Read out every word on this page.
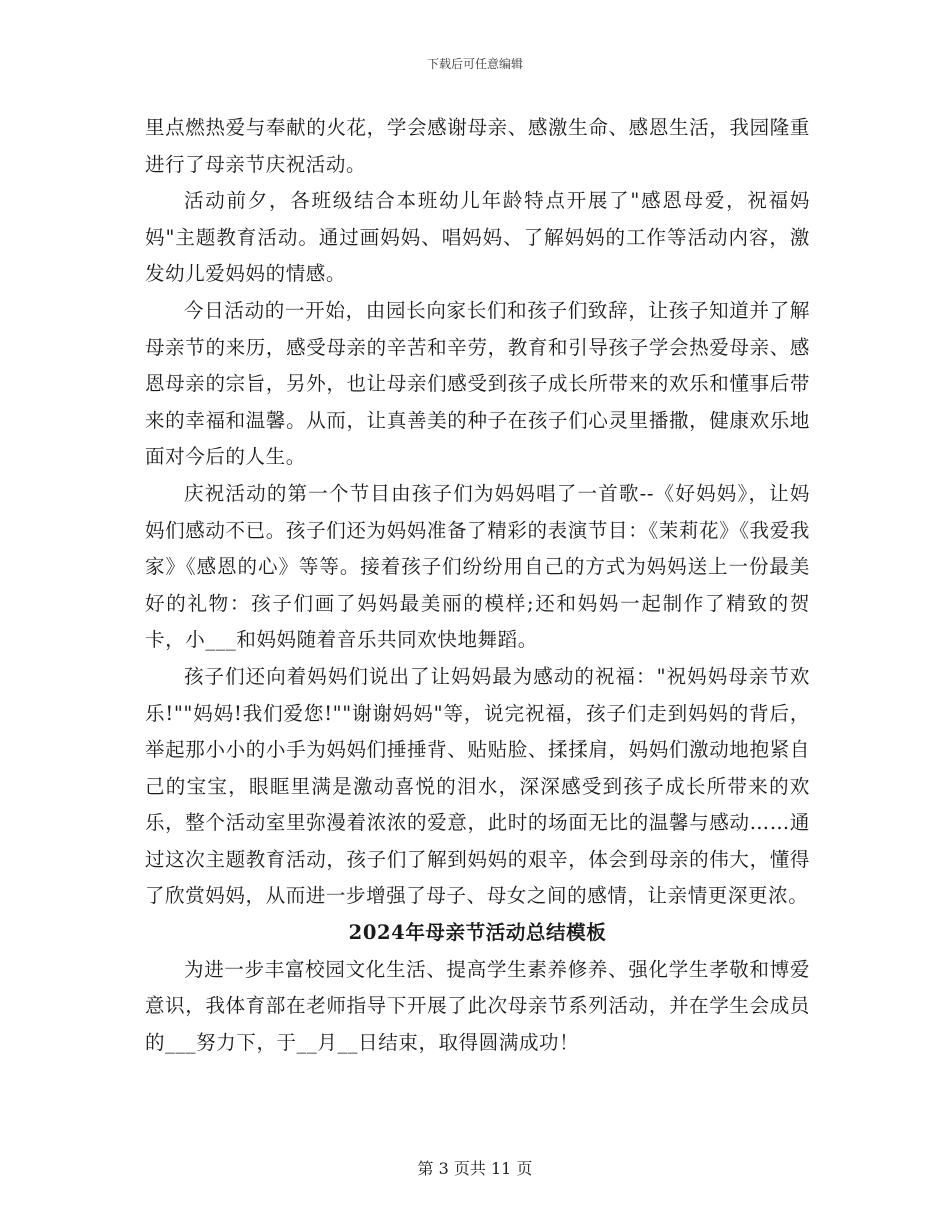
下载后可任意编辑

里点燃热爱与奉献的火花，学会感谢母亲、感激生命、感恩生活，我园隆重进行了母亲节庆祝活动。

活动前夕，各班级结合本班幼儿年龄特点开展了"感恩母爱，祝福妈妈"主题教育活动。通过画妈妈、唱妈妈、了解妈妈的工作等活动内容，激发幼儿爱妈妈的情感。

今日活动的一开始，由园长向家长们和孩子们致辞，让孩子知道并了解母亲节的来历，感受母亲的辛苦和辛劳，教育和引导孩子学会热爱母亲、感恩母亲的宗旨，另外，也让母亲们感受到孩子成长所带来的欢乐和懂事后带来的幸福和温馨。从而，让真善美的种子在孩子们心灵里播撒，健康欢乐地面对今后的人生。

庆祝活动的第一个节目由孩子们为妈妈唱了一首歌--《好妈妈》，让妈妈们感动不已。孩子们还为妈妈准备了精彩的表演节目：《茉莉花》《我爱我家》《感恩的心》等等。接着孩子们纷纷用自己的方式为妈妈送上一份最美好的礼物：孩子们画了妈妈最美丽的模样;还和妈妈一起制作了精致的贺卡，小___和妈妈随着音乐共同欢快地舞蹈。

孩子们还向着妈妈们说出了让妈妈最为感动的祝福："祝妈妈母亲节欢乐!""妈妈!我们爱您!""谢谢妈妈"等，说完祝福，孩子们走到妈妈的背后，举起那小小的小手为妈妈们捶捶背、贴贴脸、揉揉肩，妈妈们激动地抱紧自己的宝宝，眼眶里满是激动喜悦的泪水，深深感受到孩子成长所带来的欢乐，整个活动室里弥漫着浓浓的爱意，此时的场面无比的温馨与感动……通过这次主题教育活动，孩子们了解到妈妈的艰辛，体会到母亲的伟大，懂得了欣赏妈妈，从而进一步增强了母子、母女之间的感情，让亲情更深更浓。

2024年母亲节活动总结模板

为进一步丰富校园文化生活、提高学生素养修养、强化学生孝敬和博爱意识，我体育部在老师指导下开展了此次母亲节系列活动，并在学生会成员的___努力下，于__月__日结束，取得圆满成功！

第 3 页共 11 页
